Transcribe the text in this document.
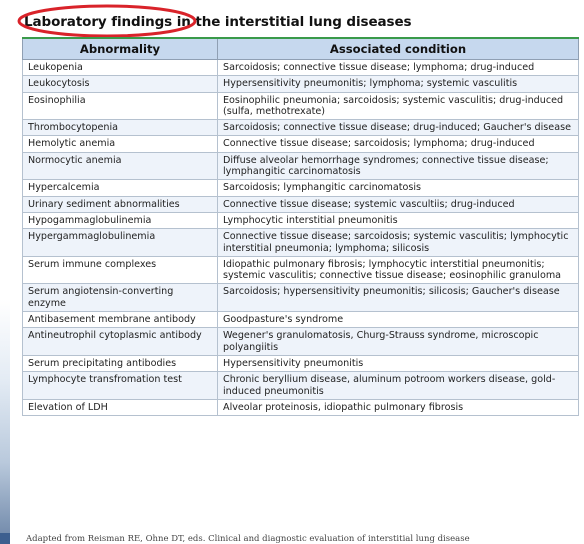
Laboratory findings in the interstitial lung diseases
Abnormality	Associated condition
Leukopenia	Sarcoidosis; connective tissue disease; lymphoma; drug-induced
Leukocytosis	Hypersensitivity pneumonitis; lymphoma; systemic vasculitis
Eosinophilia	Eosinophilic pneumonia; sarcoidosis; systemic vasculitis; drug-induced (sulfa, methotrexate)
Thrombocytopenia	Sarcoidosis; connective tissue disease; drug-induced; Gaucher's disease
Hemolytic anemia	Connective tissue disease; sarcoidosis; lymphoma; drug-induced
Normocytic anemia	Diffuse alveolar hemorrhage syndromes; connective tissue disease; lymphangitic carcinomatosis
Hypercalcemia	Sarcoidosis; lymphangitic carcinomatosis
Urinary sediment abnormalities	Connective tissue disease; systemic vascultiis; drug-induced
Hypogammaglobulinemia	Lymphocytic interstitial pneumonitis
Hypergammaglobulinemia	Connective tissue disease; sarcoidosis; systemic vasculitis; lymphocytic interstitial pneumonia; lymphoma; silicosis
Serum immune complexes	Idiopathic pulmonary fibrosis; lymphocytic interstitial pneumonitis; systemic vasculitis; connective tissue disease; eosinophilic granuloma
Serum angiotensin-converting enzyme	Sarcoidosis; hypersensitivity pneumonitis; silicosis; Gaucher's disease
Antibasement membrane antibody	Goodpasture's syndrome
Antineutrophil cytoplasmic antibody	Wegener's granulomatosis, Churg-Strauss syndrome, microscopic polyangiitis
Serum precipitating antibodies	Hypersensitivity pneumonitis
Lymphocyte transfromation test	Chronic beryllium disease, aluminum potroom workers disease, gold-induced pneumonitis
Elevation of LDH	Alveolar proteinosis, idiopathic pulmonary fibrosis
Adapted from Reisman RE, Ohne DT, eds. Clinical and diagnostic evaluation of interstitial lung disease
